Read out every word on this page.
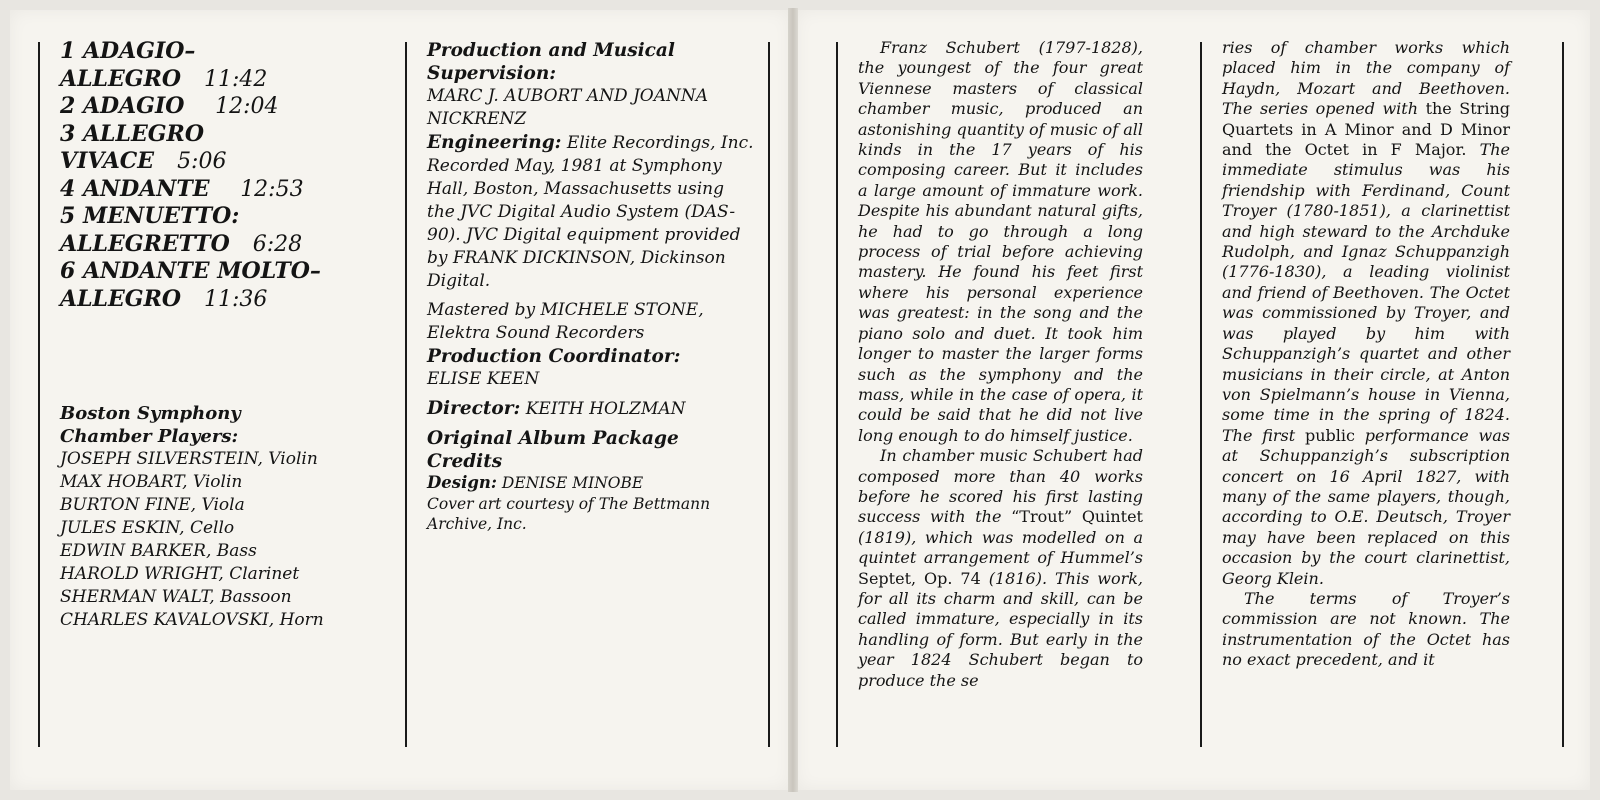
1 ADAGIO–
ALLEGRO 11:42
2 ADAGIO 12:04
3 ALLEGRO
VIVACE 5:06
4 ANDANTE 12:53
5 MENUETTO:
ALLEGRETTO 6:28
6 ANDANTE MOLTO–
ALLEGRO 11:36
Boston Symphony
Chamber Players:
JOSEPH SILVERSTEIN, Violin
MAX HOBART, Violin
BURTON FINE, Viola
JULES ESKIN, Cello
EDWIN BARKER, Bass
HAROLD WRIGHT, Clarinet
SHERMAN WALT, Bassoon
CHARLES KAVALOVSKI, Horn
Production and Musical Supervision:
MARC J. AUBORT AND JOANNA NICKRENZ
Engineering: Elite Recordings, Inc. Recorded May, 1981 at Symphony Hall, Boston, Massachusetts using the JVC Digital Audio System (DAS-90). JVC Digital equipment provided by FRANK DICKINSON, Dickinson Digital.
Mastered by MICHELE STONE, Elektra Sound Recorders
Production Coordinator:
ELISE KEEN
Director: KEITH HOLZMAN
Original Album Package Credits
Design: DENISE MINOBE
Cover art courtesy of The Bettmann Archive, Inc.

Franz Schubert (1797-1828), the youngest of the four great Viennese masters of classical chamber music, produced an astonishing quantity of music of all kinds in the 17 years of his composing career. But it includes a large amount of immature work. Despite his abundant natural gifts, he had to go through a long process of trial before achieving mastery. He found his feet first where his personal experience was greatest: in the song and the piano solo and duet. It took him longer to master the larger forms such as the symphony and the mass, while in the case of opera, it could be said that he did not live long enough to do himself justice.

In chamber music Schubert had composed more than 40 works before he scored his first lasting success with the “Trout” Quintet (1819), which was modelled on a quintet arrangement of Hummel’s Septet, Op. 74 (1816). This work, for all its charm and skill, can be called immature, especially in its handling of form. But early in the year 1824 Schubert began to produce the se

ries of chamber works which placed him in the company of Haydn, Mozart and Beethoven. The series opened with the String Quartets in A Minor and D Minor and the Octet in F Major. The immediate stimulus was his friendship with Ferdinand, Count Troyer (1780-1851), a clarinettist and high steward to the Archduke Rudolph, and Ignaz Schuppanzigh (1776-1830), a leading violinist and friend of Beethoven. The Octet was commissioned by Troyer, and was played by him with Schuppanzigh’s quartet and other musicians in their circle, at Anton von Spielmann’s house in Vienna, some time in the spring of 1824. The first public performance was at Schuppanzigh’s subscription concert on 16 April 1827, with many of the same players, though, according to O.E. Deutsch, Troyer may have been replaced on this occasion by the court clarinettist, Georg Klein.

The terms of Troyer’s commission are not known. The instrumentation of the Octet has no exact precedent, and it
